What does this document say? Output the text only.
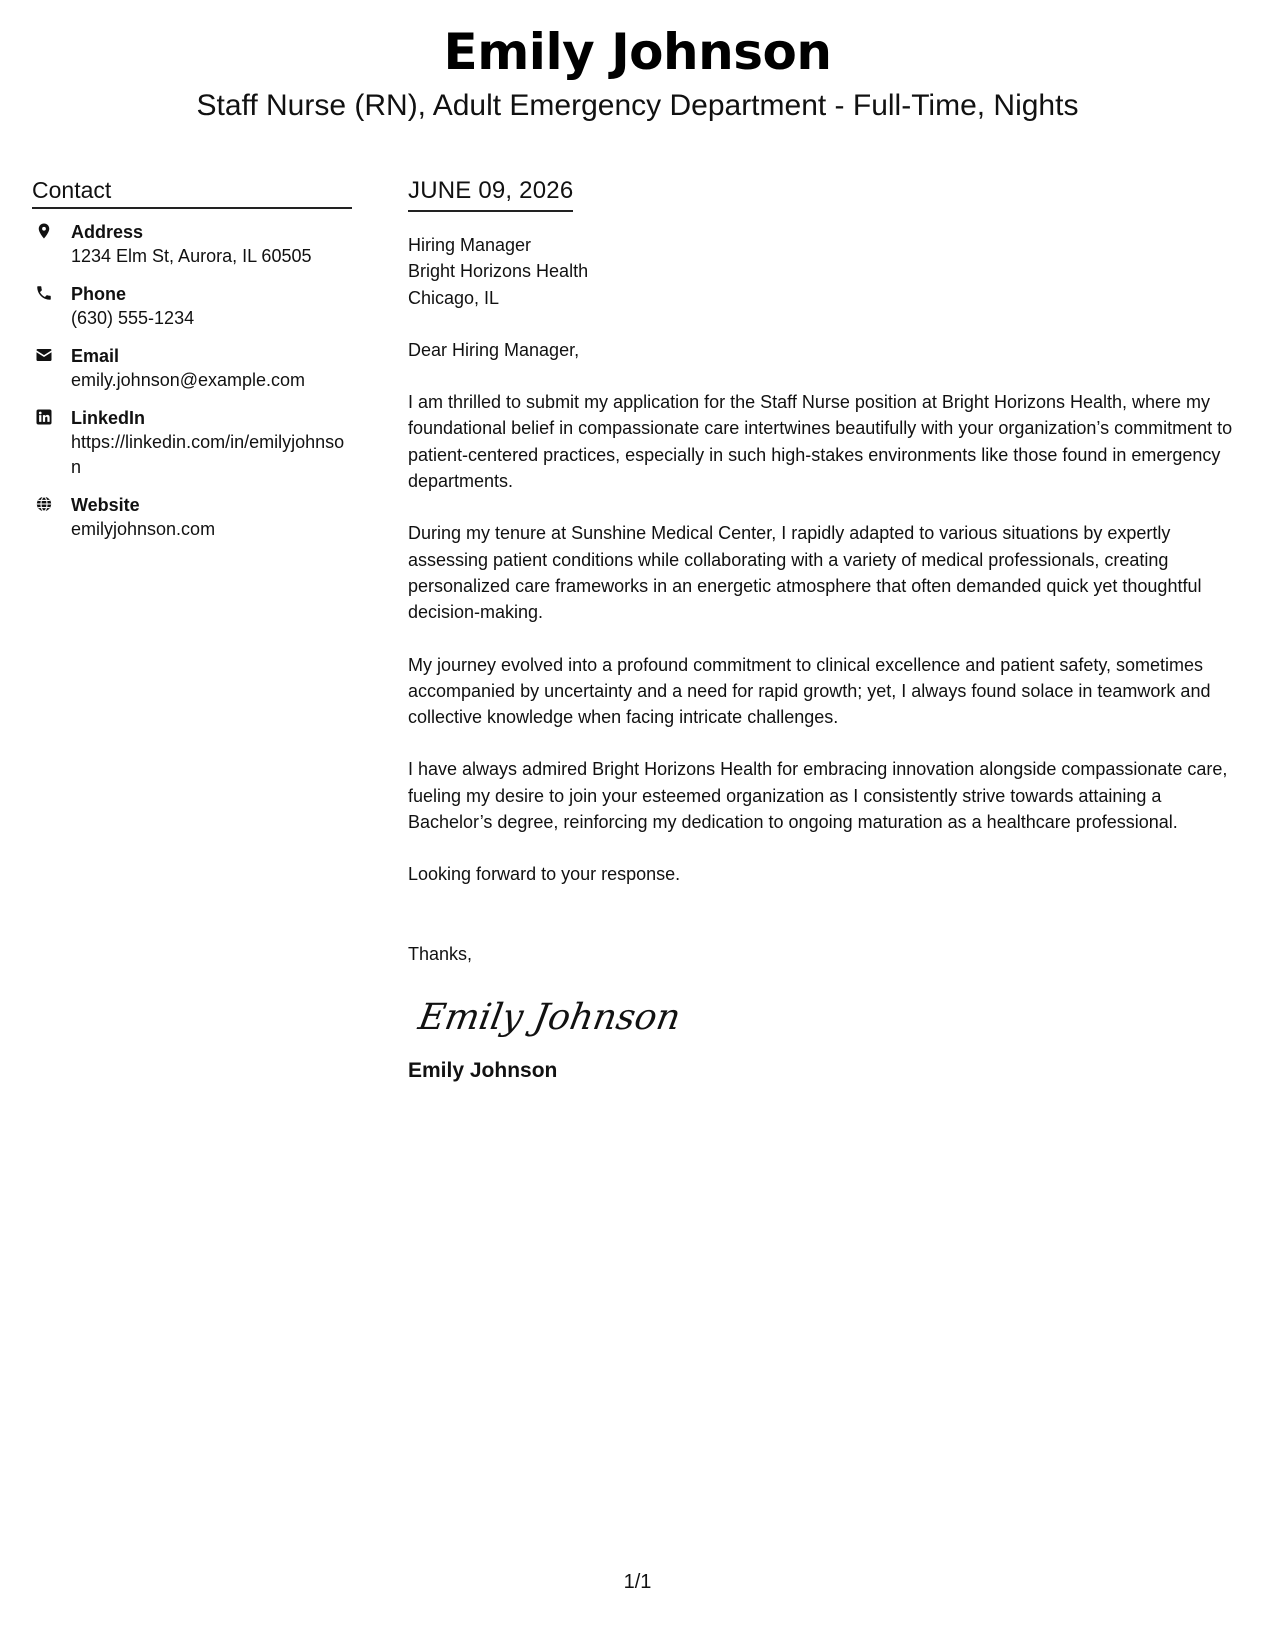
Emily Johnson
Staff Nurse (RN), Adult Emergency Department - Full-Time, Nights
Contact
Address
1234 Elm St, Aurora, IL 60505
Phone
(630) 555-1234
Email
emily.johnson@example.com
LinkedIn
https://linkedin.com/in/emilyjohnson
Website
emilyjohnson.com
JUNE 09, 2026
Hiring Manager
Bright Horizons Health
Chicago, IL
Dear Hiring Manager,
I am thrilled to submit my application for the Staff Nurse position at Bright Horizons Health, where my foundational belief in compassionate care intertwines beautifully with your organization’s commitment to patient-centered practices, especially in such high-stakes environments like those found in emergency departments.
During my tenure at Sunshine Medical Center, I rapidly adapted to various situations by expertly assessing patient conditions while collaborating with a variety of medical professionals, creating personalized care frameworks in an energetic atmosphere that often demanded quick yet thoughtful decision-making.
My journey evolved into a profound commitment to clinical excellence and patient safety, sometimes accompanied by uncertainty and a need for rapid growth; yet, I always found solace in teamwork and collective knowledge when facing intricate challenges.
I have always admired Bright Horizons Health for embracing innovation alongside compassionate care, fueling my desire to join your esteemed organization as I consistently strive towards attaining a Bachelor’s degree, reinforcing my dedication to ongoing maturation as a healthcare professional.
Looking forward to your response.
Thanks,
Emily Johnson
Emily Johnson
1/1
